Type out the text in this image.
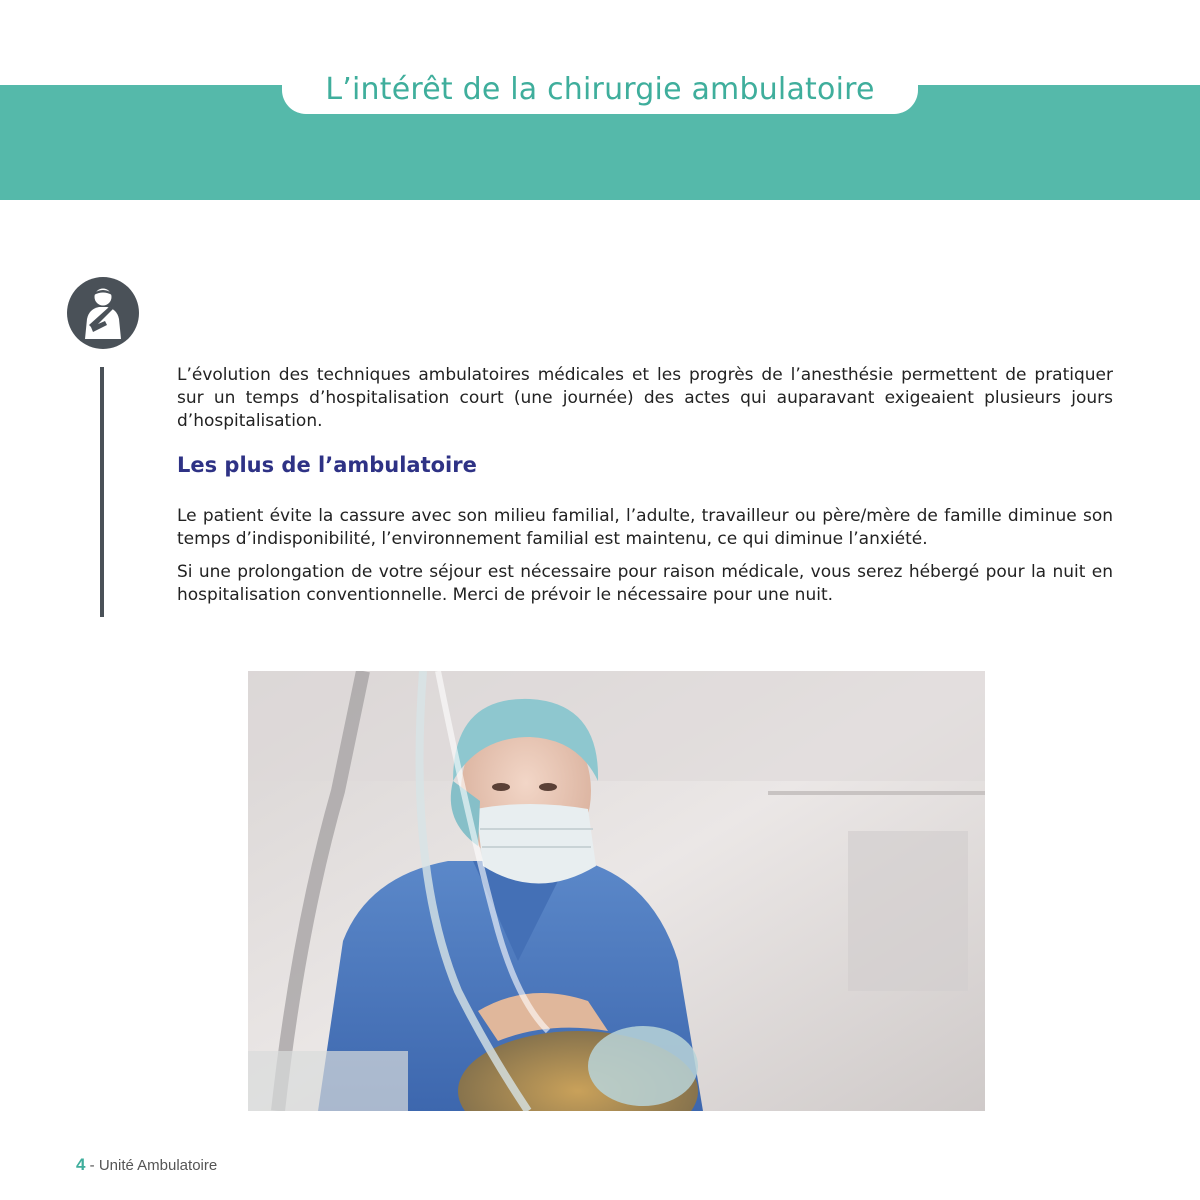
L’intérêt de la chirurgie ambulatoire

L’évolution des techniques ambulatoires médicales et les progrès de l’anesthésie permettent de pratiquer sur un temps d’hospitalisation court (une journée) des actes qui auparavant exigeaient plusieurs jours d’hospitalisation.

Les plus de l’ambulatoire

Le patient évite la cassure avec son milieu familial, l’adulte, travailleur ou père/mère de famille diminue son temps d’indisponibilité, l’environnement familial est maintenu, ce qui diminue l’anxiété.

Si une prolongation de votre séjour est nécessaire pour raison médicale, vous serez hébergé pour la nuit en hospitalisation conventionnelle. Merci de prévoir le nécessaire pour une nuit.

4 - Unité Ambulatoire
